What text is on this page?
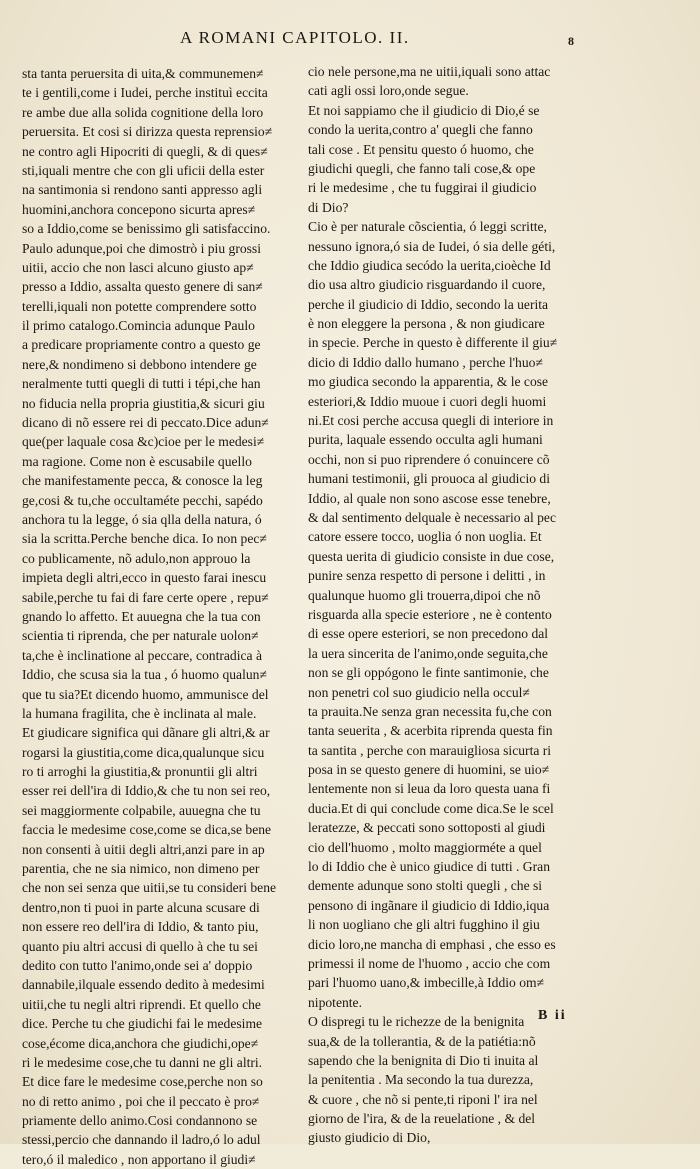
A ROMANI CAPITOLO. II.	8
sta tanta peruersita di uita,& communemen≠
te i gentili,come i Iudei, perche instituì eccita
re ambe due alla solida cognitione della loro
peruersita. Et cosi si dirizza questa reprensio≠
ne contro agli Hipocriti di quegli, & di ques≠
sti,iquali mentre che con gli uficii della ester
na santimonia si rendono santi appresso agli
huomini,anchora concepono sicurta apres≠
so a Iddio,come se benissimo gli satisfaccino.
Paulo adunque,poi che dimostrò i piu grossi
uitii, accio che non lasci alcuno giusto ap≠
presso a Iddio, assalta questo genere di san≠
terelli,iquali non potette comprendere sotto
il primo catalogo.Comincia adunque Paulo
a predicare propriamente contro a questo ge
nere,& nondimeno si debbono intendere ge
neralmente tutti quegli di tutti i tépi,che han
no fiducia nella propria giustitia,& sicuri giu
dicano di nõ essere rei di peccato.Dice adun≠
que(per laquale cosa &c)cioe per le medesi≠
ma ragione. Come non è escusabile quello
che manifestamente pecca, & conosce la leg
ge,cosi & tu,che occultaméte pecchi, sapédo
anchora tu la legge, ó sia qlla della natura, ó
sia la scritta.Perche benche dica. Io non pec≠
co publicamente, nõ adulo,non approuo la
impieta degli altri,ecco in questo farai inescu
sabile,perche tu fai di fare certe opere , repu≠
gnando lo affetto. Et auuegna che la tua con
scientia ti riprenda, che per naturale uolon≠
ta,che è inclinatione al peccare, contradica à
Iddio, che scusa sia la tua , ó huomo qualun≠
que tu sia?Et dicendo huomo, ammunisce del
la humana fragilita, che è inclinata al male.
Et giudicare significa qui dãnare gli altri,& ar
rogarsi la giustitia,come dica,qualunque sicu
ro ti arroghi la giustitia,& pronuntii gli altri
esser rei dell'ira di Iddio,& che tu non sei reo,
sei maggiormente colpabile, auuegna che tu
faccia le medesime cose,come se dica,se bene
non consenti à uitii degli altri,anzi pare in ap
parentia, che ne sia nimico, non dimeno per
che non sei senza que uitii,se tu consideri bene
dentro,non ti puoi in parte alcuna scusare di
non essere reo dell'ira di Iddio, & tanto piu,
quanto piu altri accusi di quello à che tu sei
dedito con tutto l'animo,onde sei a' doppio
dannabile,ilquale essendo dedito à medesimi
uitii,che tu negli altri riprendi. Et quello che
dice. Perche tu che giudichi fai le medesime
cose,écome dica,anchora che giudichi,ope≠
ri le medesime cose,che tu danni ne gli altri.
Et dice fare le medesime cose,perche non so
no di retto animo , poi che il peccato è pro≠
priamente dello animo.Cosi condannono se
stessi,percio che dannando il ladro,ó lo adul
tero,ó il maledico , non apportano il giudi≠
cio nele persone,ma ne uitii,iquali sono attac
cati agli ossi loro,onde segue.
Et noi sappiamo che il giudicio di Dio,é se
condo la uerita,contro a' quegli che fanno
tali cose . Et pensitu questo ó huomo, che
giudichi quegli, che fanno tali cose,& ope
ri le medesime , che tu fuggirai il giudicio
di Dio?
Cio è per naturale cõscientia, ó leggi scritte,
nessuno ignora,ó sia de Iudei, ó sia delle géti,
che Iddio giudica secódo la uerita,cioèche Id
dio usa altro giudicio risguardando il cuore,
perche il giudicio di Iddio, secondo la uerita
è non eleggere la persona , & non giudicare
in specie. Perche in questo è differente il giu≠
dicio di Iddio dallo humano , perche l'huo≠
mo giudica secondo la apparentia, & le cose
esteriori,& Iddio muoue i cuori degli huomi
ni.Et cosi perche accusa quegli di interiore in
purita, laquale essendo occulta agli humani
occhi, non si puo riprendere ó conuincere cõ
humani testimonii, gli prouoca al giudicio di
Iddio, al quale non sono ascose esse tenebre,
& dal sentimento delquale è necessario al pec
catore essere tocco, uoglia ó non uoglia. Et
questa uerita di giudicio consiste in due cose,
punire senza respetto di persone i delitti , in
qualunque huomo gli trouerra,dipoi che nõ
risguarda alla specie esteriore , ne è contento
di esse opere esteriori, se non precedono dal
la uera sincerita de l'animo,onde seguita,che
non se gli oppógono le finte santimonie, che
non penetri col suo giudicio nella occul≠
ta prauita.Ne senza gran necessita fu,che con
tanta seuerita , & acerbita riprenda questa fin
ta santita , perche con marauigliosa sicurta ri
posa in se questo genere di huomini, se uio≠
lentemente non si leua da loro questa uana fi
ducia.Et di qui conclude come dica.Se le scel
leratezze, & peccati sono sottoposti al giudi
cio dell'huomo , molto maggiorméte a quel
lo di Iddio che è unico giudice di tutti . Gran
demente adunque sono stolti quegli , che si
pensono di ingãnare il giudicio di Iddio,iqua
li non uogliano che gli altri fugghino il giu
dicio loro,ne mancha di emphasi , che esso es
primessi il nome de l'huomo , accio che com
pari l'huomo uano,& imbecille,à Iddio om≠
nipotente.
O dispregi tu le richezze de la benignita
sua,& de la tollerantia, & de la patiétia:nõ
sapendo che la benignita di Dio ti inuita al
la penitentia . Ma secondo la tua durezza,
& cuore , che nõ si pente,ti riponi l' ira nel
giorno de l'ira, & de la reuelatione , & del
giusto giudicio di Dio,
B ii
